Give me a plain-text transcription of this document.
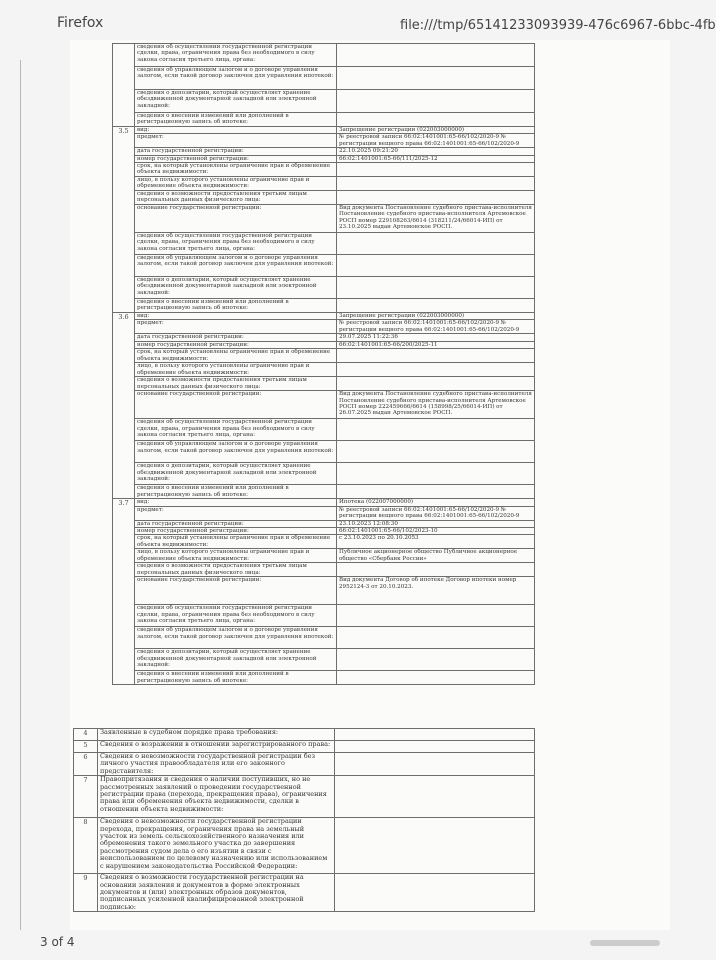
Firefox	file:///tmp/65141233093939-476c6967-6bbc-4fb
	сведения об осуществлении государственной регистрации сделки, права, ограничения права без необходимого в силу закона согласия третьего лица, органа:	
	сведения об управляющем залогом и о договоре управления залогом, если такой договор заключен для управления ипотекой:	
	сведения о депозитарии, который осуществляет хранение обездвиженной документарной закладной или электронной закладной:	
	сведения о внесении изменений или дополнений в регистрационную запись об ипотеке:	
3.5	вид:	Запрещение регистрации (022003000000)
	предмет:	№ реестровой записи 66:02:1401001:65-66/102/2020-9 № регистрации вещного права 66:02:1401001:65-66/102/2020-9
	дата государственной регистрации:	22.10.2025 09:21:20
	номер государственной регистрации:	66:02:1401001:65-66/111/2025-12
	срок, на который установлены ограничение прав и обременение объекта недвижимости:	
	лицо, в пользу которого установлены ограничение прав и обременение объекта недвижимости:	
	сведения о возможности предоставления третьим лицам персональных данных физического лица:	
	основание государственной регистрации:	Вид документа Постановление судебного пристава-исполнителя Постановление судебного пристава-исполнителя Артемовское РОСП номер 229108263/6614 (318211/24/66014-ИП) от 23.10.2025 выдан Артемовское РОСП.
	сведения об осуществлении государственной регистрации сделки, права, ограничения права без необходимого в силу закона согласия третьего лица, органа:	
	сведения об управляющем залогом и о договоре управления залогом, если такой договор заключен для управления ипотекой:	
	сведения о депозитарии, который осуществляет хранение обездвиженной документарной закладной или электронной закладной:	
	сведения о внесении изменений или дополнений в регистрационную запись об ипотеке:	
3.6	вид:	Запрещение регистрации (022003000000)
	предмет:	№ реестровой записи 66:02:1401001:65-66/102/2020-9 № регистрации вещного права 66:02:1401001:65-66/102/2020-9
	дата государственной регистрации:	29.07.2025 11:22:36
	номер государственной регистрации:	66:02:1401001:65-66/200/2025-11
	срок, на который установлены ограничение прав и обременение объекта недвижимости:	
	лицо, в пользу которого установлены ограничение прав и обременение объекта недвижимости:	
	сведения о возможности предоставления третьим лицам персональных данных физического лица:	
	основание государственной регистрации:	Вид документа Постановление судебного пристава-исполнителя Постановление судебного пристава-исполнителя Артемовское РОСП номер 222459666/6614 (158998/25/66014-ИП) от 26.07.2025 выдан Артемовское РОСП.
	сведения об осуществлении государственной регистрации сделки, права, ограничения права без необходимого в силу закона согласия третьего лица, органа:	
	сведения об управляющем залогом и о договоре управления залогом, если такой договор заключен для управления ипотекой:	
	сведения о депозитарии, который осуществляет хранение обездвиженной документарной закладной или электронной закладной:	
	сведения о внесении изменений или дополнений в регистрационную запись об ипотеке:	
3.7	вид:	Ипотека (022007000000)
	предмет:	№ реестровой записи 66:02:1401001:65-66/102/2020-9 № регистрации вещного права 66:02:1401001:65-66/102/2020-9
	дата государственной регистрации:	23.10.2023 12:08:30
	номер государственной регистрации:	66:02:1401001:65-66/102/2023-10
	срок, на который установлены ограничение прав и обременение объекта недвижимости:	с 23.10.2023 по 20.10.2053
	лицо, в пользу которого установлены ограничение прав и обременение объекта недвижимости:	Публичное акционерное общество Публичное акционерное общество «Сбербанк России»
	сведения о возможности предоставления третьим лицам персональных данных физического лица:	
	основание государственной регистрации:	Вид документа Договор об ипотеке Договор ипотеки номер 2952124-3 от 20.10.2023.
	сведения об осуществлении государственной регистрации сделки, права, ограничения права без необходимого в силу закона согласия третьего лица, органа:	
	сведения об управляющем залогом и о договоре управления залогом, если такой договор заключен для управления ипотекой:	
	сведения о депозитарии, который осуществляет хранение обездвиженной документарной закладной или электронной закладной:	
	сведения о внесении изменений или дополнений в регистрационную запись об ипотеке:	
4	Заявленные в судебном порядке права требования:	
5	Сведения о возражении в отношении зарегистрированного права:	
6	Сведения о невозможности государственной регистрации без личного участия правообладателя или его законного представителя:	
7	Правопритязания и сведения о наличии поступивших, но не рассмотренных заявлений о проведении государственной регистрации права (перехода, прекращения права), ограничения права или обременения объекта недвижимости, сделки в отношении объекта недвижимости:	
8	Сведения о невозможности государственной регистрации перехода, прекращения, ограничения права на земельный участок из земель сельскохозяйственного назначения или обременения такого земельного участка до завершения рассмотрения судом дела о его изъятии в связи с неиспользованием по целевому назначению или использованием с нарушением законодательства Российской Федерации:	
9	Сведения о возможности государственной регистрации на основании заявления и документов в форме электронных документов и (или) электронных образов документов, подписанных усиленной квалифицированной электронной подписью:	
3 of 4
